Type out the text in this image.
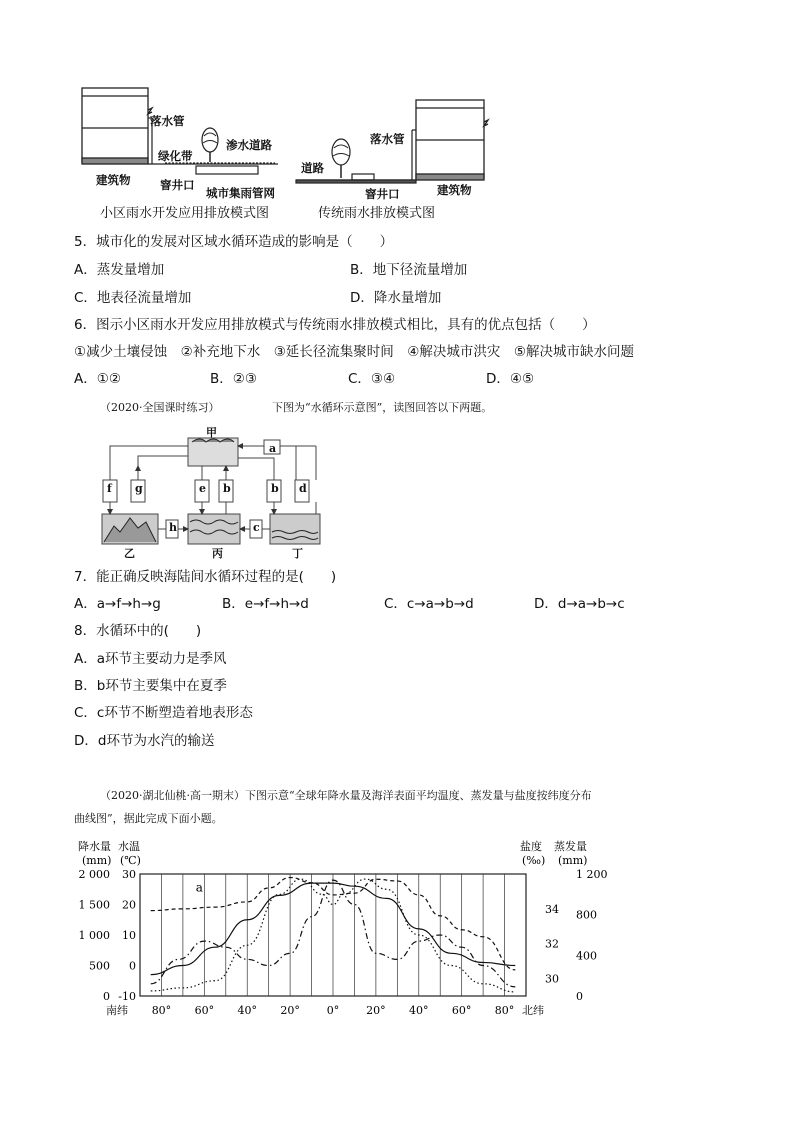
落水管
渗水道路
绿化带
建筑物	窨井口
城市集雨管网
小区雨水开发应用排放模式图
落水管
道路
建筑物
窨井口
传统雨水排放模式图
5．城市化的发展对区域水循环造成的影响是（　　）
A．蒸发量增加	B．地下径流量增加
C．地表径流量增加	D．降水量增加
6．图示小区雨水开发应用排放模式与传统雨水排放模式相比，具有的优点包括（　　）
①减少土壤侵蚀　②补充地下水　③延长径流集聚时间　④解决城市洪灾　⑤解决城市缺水问题
A．①②	B．②③	C．③④	D．④⑤
（2020·全国课时练习）	下图为“水循环示意图”，读图回答以下两题。
甲
a
f g	e b	b d
h	c
乙	丙	丁
7．能正确反映海陆间水循环过程的是(　　)
A．a→f→h→g	B．e→f→h→d	C．c→a→b→d	D．d→a→b→c
8．水循环中的(　　)
A．a环节主要动力是季风
B．b环节主要集中在夏季
C．c环节不断塑造着地表形态
D．d环节为水汽的输送
（2020·湖北仙桃·高一期末）下图示意“全球年降水量及海洋表面平均温度、蒸发量与盐度按纬度分布
曲线图”，据此完成下面小题。
降水量 水温
(mm) (℃)
盐度 蒸发量
(‰) (mm)
南纬	北纬
80° 60° 40° 20° 0° 20° 40° 60° 80°
0
500
1 000
1 500
2 000
-10
0
10
20
30
30
32
34
0
400
800
1 200
a
